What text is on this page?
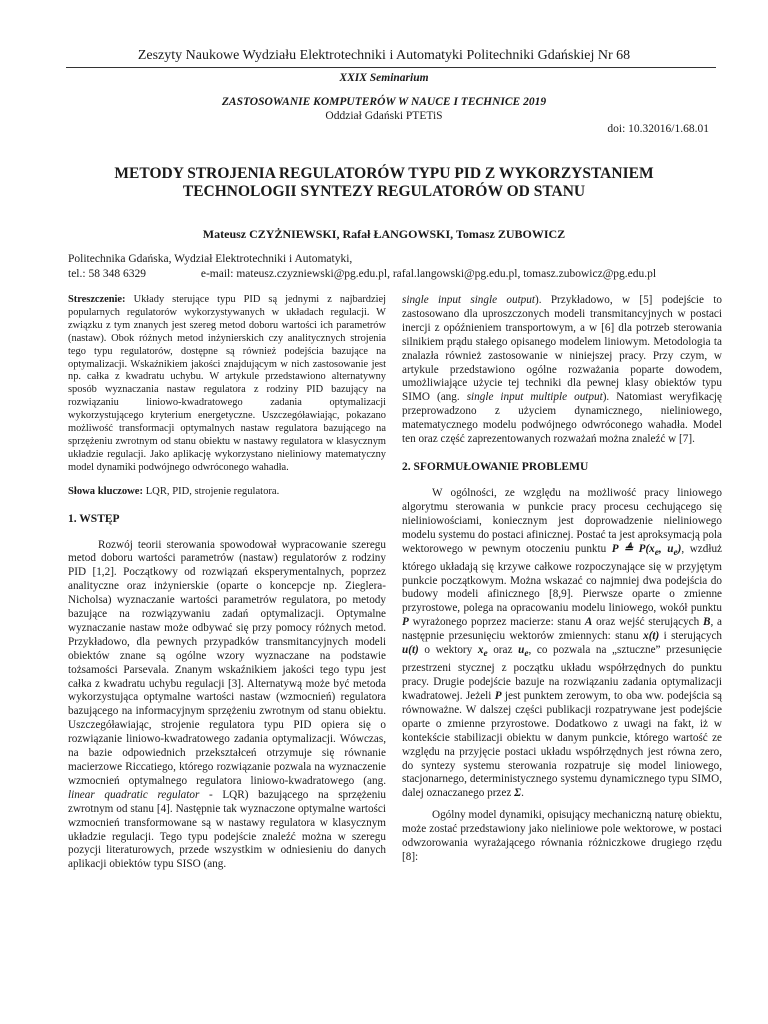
Zeszyty Naukowe Wydziału Elektrotechniki i Automatyki Politechniki Gdańskiej Nr 68
XXIX Seminarium
ZASTOSOWANIE KOMPUTERÓW W NAUCE I TECHNICE 2019
Oddział Gdański PTETiS
doi: 10.32016/1.68.01
METODY STROJENIA REGULATORÓW TYPU PID Z WYKORZYSTANIEM
TECHNOLOGII SYNTEZY REGULATORÓW OD STANU
Mateusz CZYŻNIEWSKI, Rafał ŁANGOWSKI, Tomasz ZUBOWICZ
Politechnika Gdańska, Wydział Elektrotechniki i Automatyki,
tel.: 58 348 6329	e-mail: mateusz.czyzniewski@pg.edu.pl, rafal.langowski@pg.edu.pl, tomasz.zubowicz@pg.edu.pl

Streszczenie: Układy sterujące typu PID są jednymi z najbardziej popularnych regulatorów wykorzystywanych w układach regulacji. W związku z tym znanych jest szereg metod doboru wartości ich parametrów (nastaw). Obok różnych metod inżynierskich czy analitycznych strojenia tego typu regulatorów, dostępne są również podejścia bazujące na optymalizacji. Wskaźnikiem jakości znajdującym w nich zastosowanie jest np. całka z kwadratu uchybu. W artykule przedstawiono alternatywny sposób wyznaczania nastaw regulatora z rodziny PID bazujący na rozwiązaniu liniowo-kwadratowego zadania optymalizacji wykorzystującego kryterium energetyczne. Uszczegóławiając, pokazano możliwość transformacji optymalnych nastaw regulatora bazującego na sprzężeniu zwrotnym od stanu obiektu w nastawy regulatora w klasycznym układzie regulacji. Jako aplikację wykorzystano nieliniowy matematyczny model dynamiki podwójnego odwróconego wahadła.

Słowa kluczowe: LQR, PID, strojenie regulatora.

1. WSTĘP

Rozwój teorii sterowania spowodował wypracowanie szeregu metod doboru wartości parametrów (nastaw) regulatorów z rodziny PID [1,2]. Początkowy od rozwiązań eksperymentalnych, poprzez analityczne oraz inżynierskie (oparte o koncepcje np. Zieglera-Nicholsa) wyznaczanie wartości parametrów regulatora, po metody bazujące na rozwiązywaniu zadań optymalizacji. Optymalne wyznaczanie nastaw może odbywać się przy pomocy różnych metod. Przykładowo, dla pewnych przypadków transmitancyjnych modeli obiektów znane są ogólne wzory wyznaczane na podstawie tożsamości Parsevala. Znanym wskaźnikiem jakości tego typu jest całka z kwadratu uchybu regulacji [3]. Alternatywą może być metoda wykorzystująca optymalne wartości nastaw (wzmocnień) regulatora bazującego na informacyjnym sprzężeniu zwrotnym od stanu obiektu. Uszczegóławiając, strojenie regulatora typu PID opiera się o rozwiązanie liniowo-kwadratowego zadania optymalizacji. Wówczas, na bazie odpowiednich przekształceń otrzymuje się równanie macierzowe Riccatiego, którego rozwiązanie pozwala na wyznaczenie wzmocnień optymalnego regulatora liniowo-kwadratowego (ang. linear quadratic regulator - LQR) bazującego na sprzężeniu zwrotnym od stanu [4]. Następnie tak wyznaczone optymalne wartości wzmocnień transformowane są w nastawy regulatora w klasycznym układzie regulacji. Tego typu podejście znaleźć można w szeregu pozycji literaturowych, przede wszystkim w odniesieniu do danych aplikacji obiektów typu SISO (ang.

single input single output). Przykładowo, w [5] podejście to zastosowano dla uproszczonych modeli transmitancyjnych w postaci inercji z opóźnieniem transportowym, a w [6] dla potrzeb sterowania silnikiem prądu stałego opisanego modelem liniowym. Metodologia ta znalazła również zastosowanie w niniejszej pracy. Przy czym, w artykule przedstawiono ogólne rozważania poparte dowodem, umożliwiające użycie tej techniki dla pewnej klasy obiektów typu SIMO (ang. single input multiple output). Natomiast weryfikację przeprowadzono z użyciem dynamicznego, nieliniowego, matematycznego modelu podwójnego odwróconego wahadła. Model ten oraz część zaprezentowanych rozważań można znaleźć w [7].

2. SFORMUŁOWANIE PROBLEMU

W ogólności, ze względu na możliwość pracy liniowego algorytmu sterowania w punkcie pracy procesu cechującego się nieliniowościami, koniecznym jest doprowadzenie nieliniowego modelu systemu do postaci afinicznej. Postać ta jest aproksymacją pola wektorowego w pewnym otoczeniu punktu P ≜ $P(x_e$, $u_e$), wzdłuż którego układają się krzywe całkowe rozpoczynające się w przyjętym punkcie początkowym. Można wskazać co najmniej dwa podejścia do budowy modeli afinicznego [8,9]. Pierwsze oparte o zmienne przyrostowe, polega na opracowaniu modelu liniowego, wokół punktu P wyrażonego poprzez macierze: stanu A oraz wejść sterujących B, a następnie przesunięciu wektorów zmiennych: stanu x(t) i sterujących u(t) o wektory $x_e$ oraz $u_e$, co pozwala na „sztuczne” przesunięcie przestrzeni stycznej z początku układu współrzędnych do punktu pracy. Drugie podejście bazuje na rozwiązaniu zadania optymalizacji kwadratowej. Jeżeli P jest punktem zerowym, to oba ww. podejścia są równoważne. W dalszej części publikacji rozpatrywane jest podejście oparte o zmienne przyrostowe. Dodatkowo z uwagi na fakt, iż w kontekście stabilizacji obiektu w danym punkcie, którego wartość ze względu na przyjęcie postaci układu współrzędnych jest równa zero, do syntezy systemu sterowania rozpatruje się model liniowego, stacjonarnego, deterministycznego systemu dynamicznego typu SIMO, dalej oznaczanego przez Σ.

Ogólny model dynamiki, opisujący mechaniczną naturę obiektu, może zostać przedstawiony jako nieliniowe pole wektorowe, w postaci odwzorowania wyrażającego równania różniczkowe drugiego rzędu [8]:
